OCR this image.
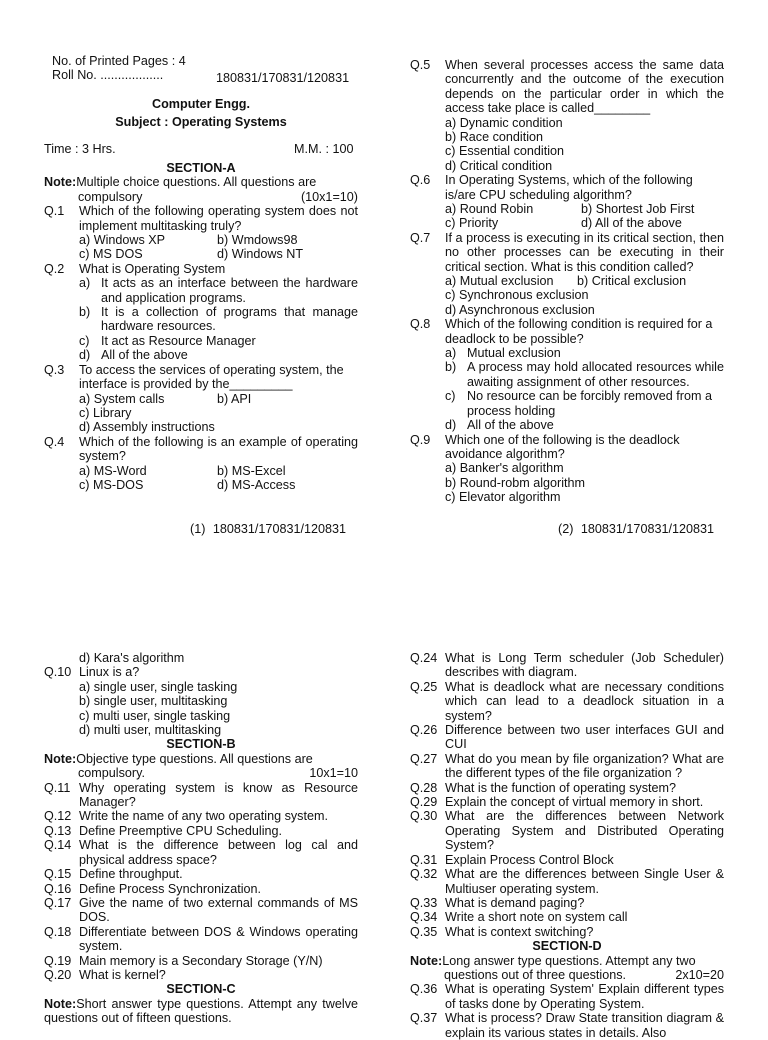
No. of Printed Pages : 4
Roll No. ..................	180831/170831/120831
Computer Engg.
Subject : Operating Systems
Time : 3 Hrs.	M.M. : 100
SECTION-A
Note:Multiple choice questions. All questions are
compulsory	(10x1=10)
Q.1 Which of the following operating system does not implement multitasking truly?
a) Windows XP	b) Wmdows98
c) MS DOS	d) Windows NT
Q.2 What is Operating System
a) It acts as an interface between the hardware and application programs.
b) It is a collection of programs that manage hardware resources.
c) It act as Resource Manager
d) All of the above
Q.3 To access the services of operating system, the interface is provided by the_________
a) System calls	b) API
c) Library
d) Assembly instructions
Q.4 Which of the following is an example of operating system?
a) MS-Word	b) MS-Excel
c) MS-DOS	d) MS-Access
(1) 180831/170831/120831
Q.5 When several processes access the same data concurrently and the outcome of the execution depends on the particular order in which the access take place is called________
a) Dynamic condition
b) Race condition
c) Essential condition
d) Critical condition
Q.6 In Operating Systems, which of the following is/are CPU scheduling algorithm?
a) Round Robin	b) Shortest Job First
c) Priority	d) All of the above
Q.7 If a process is executing in its critical section, then no other processes can be executing in their critical section. What is this condition called?
a) Mutual exclusion b) Critical exclusion
c) Synchronous exclusion
d) Asynchronous exclusion
Q.8 Which of the following condition is required for a deadlock to be possible?
a) Mutual exclusion
b) A process may hold allocated resources while awaiting assignment of other resources.
c) No resource can be forcibly removed from a process holding
d) All of the above
Q.9 Which one of the following is the deadlock avoidance algorithm?
a) Banker's algorithm
b) Round-robm algorithm
c) Elevator algorithm
(2) 180831/170831/120831
d) Kara's algorithm
Q.10 Linux is a?
a) single user, single tasking
b) single user, multitasking
c) multi user, single tasking
d) multi user, multitasking
SECTION-B
Note:Objective type questions. All questions are
compulsory.	10x1=10
Q.11 Why operating system is know as Resource Manager?
Q.12 Write the name of any two operating system.
Q.13 Define Preemptive CPU Scheduling.
Q.14 What is the difference between log cal and physical address space?
Q.15 Define throughput.
Q.16 Define Process Synchronization.
Q.17 Give the name of two external commands of MS DOS.
Q.18 Differentiate between DOS & Windows operating system.
Q.19 Main memory is a Secondary Storage (Y/N)
Q.20 What is kernel?
SECTION-C
Note:Short answer type questions. Attempt any twelve questions out of fifteen questions.
Q.24 What is Long Term scheduler (Job Scheduler) describes with diagram.
Q.25 What is deadlock what are necessary conditions which can lead to a deadlock situation in a system?
Q.26 Difference between two user interfaces GUI and CUI
Q.27 What do you mean by file organization? What are the different types of the file organization ?
Q.28 What is the function of operating system?
Q.29 Explain the concept of virtual memory in short.
Q.30 What are the differences between Network Operating System and Distributed Operating System?
Q.31 Explain Process Control Block
Q.32 What are the differences between Single User & Multiuser operating system.
Q.33 What is demand paging?
Q.34 Write a short note on system call
Q.35 What is context switching?
SECTION-D
Note:Long answer type questions. Attempt any two
questions out of three questions.	2x10=20
Q.36 What is operating System' Explain different types of tasks done by Operating System.
Q.37 What is process? Draw State transition diagram & explain its various states in details. Also
